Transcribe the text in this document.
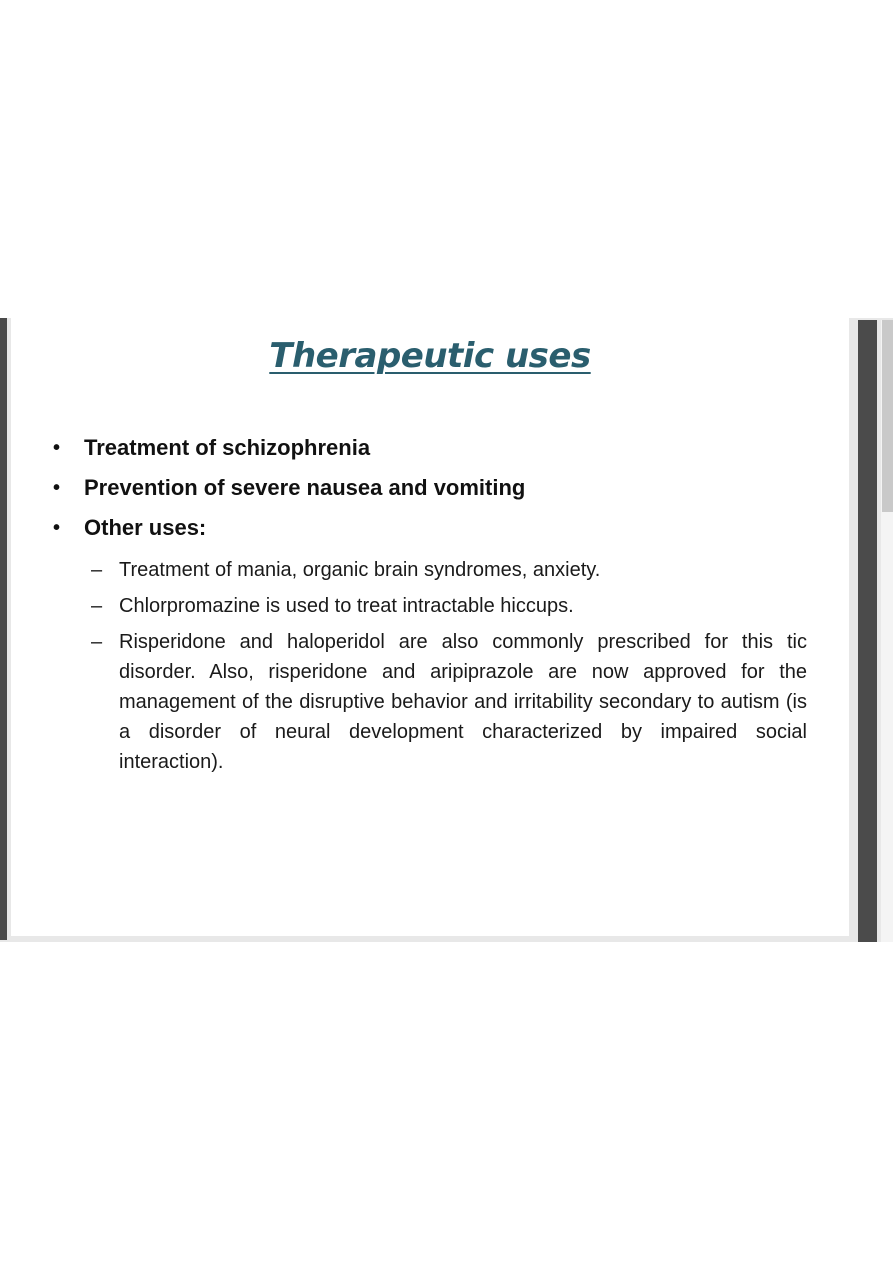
Therapeutic uses
• Treatment of schizophrenia
• Prevention of severe nausea and vomiting
• Other uses:
– Treatment of mania, organic brain syndromes, anxiety.
– Chlorpromazine is used to treat intractable hiccups.
– Risperidone and haloperidol are also commonly prescribed for this tic disorder. Also, risperidone and aripiprazole are now approved for the management of the disruptive behavior and irritability secondary to autism (is a disorder of neural development characterized by impaired social interaction).
